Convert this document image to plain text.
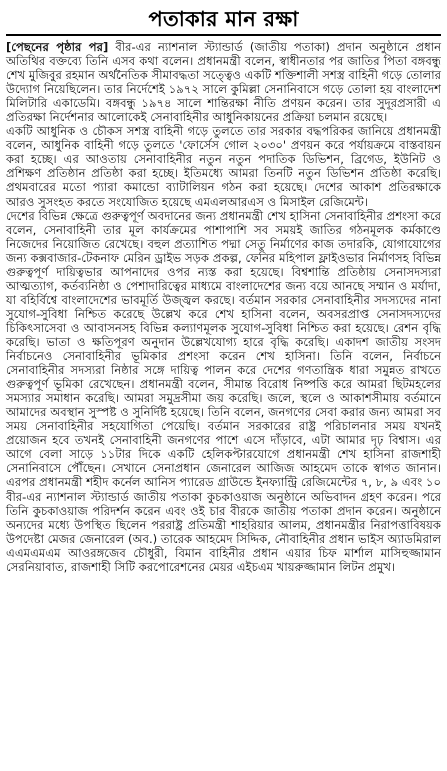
পতাকার মান রক্ষা

[পেছনের পৃষ্ঠার পর] বীর-এর ন্যাশনাল স্ট্যান্ডার্ড (জাতীয় পতাকা) প্রদান অনুষ্ঠানে প্রধান অতিথির বক্তব্যে তিনি এসব কথা বলেন। প্রধানমন্ত্রী বলেন, স্বাধীনতার পর জাতির পিতা বঙ্গবন্ধু শেখ মুজিবুর রহমান অর্থনৈতিক সীমাবদ্ধতা সত্ত্বেও একটি শক্তিশালী সশস্ত্র বাহিনী গড়ে তোলার উদ্যোগ নিয়েছিলেন। তার নির্দেশেই ১৯৭২ সালে কুমিল্লা সেনানিবাসে গড়ে তোলা হয় বাংলাদেশ মিলিটারি একাডেমি। বঙ্গবন্ধু ১৯৭৪ সালে শান্তিরক্ষা নীতি প্রণয়ন করেন। তার সুদূরপ্রসারী এ প্রতিরক্ষা নির্দেশনার আলোকেই সেনাবাহিনীর আধুনিকায়নের প্রক্রিয়া চলমান রয়েছে।

একটি আধুনিক ও চৌকস সশস্ত্র বাহিনী গড়ে তুলতে তার সরকার বদ্ধপরিকর জানিয়ে প্রধানমন্ত্রী বলেন, আধুনিক বাহিনী গড়ে তুলতে 'ফোর্সেস গোল ২০৩০' প্রণয়ন করে পর্যায়ক্রমে বাস্তবায়ন করা হচ্ছে। এর আওতায় সেনাবাহিনীর নতুন নতুন পদাতিক ডিভিশন, ব্রিগেড, ইউনিট ও প্রশিক্ষণ প্রতিষ্ঠান প্রতিষ্ঠা করা হচ্ছে। ইতিমধ্যে আমরা তিনটি নতুন ডিভিশন প্রতিষ্ঠা করেছি। প্রথমবারের মতো প্যারা কমান্ডো ব্যাটালিয়ন গঠন করা হয়েছে। দেশের আকাশ প্রতিরক্ষাকে আরও সুসংহত করতে সংযোজিত হয়েছে এমএলআরএস ও মিসাইল রেজিমেন্ট।

দেশের বিভিন্ন ক্ষেত্রে গুরুত্বপূর্ণ অবদানের জন্য প্রধানমন্ত্রী শেখ হাসিনা সেনাবাহিনীর প্রশংসা করে বলেন, সেনাবাহিনী তার মূল কার্যক্রমের পাশাপাশি সব সময়ই জাতির গঠনমূলক কর্মকাণ্ডে নিজেদের নিয়োজিত রেখেছে। বহুল প্রত্যাশিত পদ্মা সেতু নির্মাণের কাজ তদারকি, যোগাযোগের জন্য কক্সবাজার-টেকনাফ মেরিন ড্রাইভ সড়ক প্রকল্প, ফেনির মহিপাল ফ্লাইওভার নির্মাণসহ বিভিন্ন গুরুত্বপূর্ণ দায়িত্বভার আপনাদের ওপর ন্যস্ত করা হয়েছে। বিশ্বশান্তি প্রতিষ্ঠায় সেনাসদস্যরা আত্মত্যাগ, কর্তব্যনিষ্ঠা ও পেশাদারিত্বের মাধ্যমে বাংলাদেশের জন্য বয়ে আনছে সম্মান ও মর্যাদা, যা বহির্বিশ্বে বাংলাদেশের ভাবমূর্তি উজ্জ্বল করছে। বর্তমান সরকার সেনাবাহিনীর সদস্যদের নানা সুযোগ-সুবিধা নিশ্চিত করেছে উল্লেখ করে শেখ হাসিনা বলেন, অবসরপ্রাপ্ত সেনাসদস্যদের চিকিৎসাসেবা ও আবাসনসহ বিভিন্ন কল্যাণমূলক সুযোগ-সুবিধা নিশ্চিত করা হয়েছে। রেশন বৃদ্ধি করেছি। ভাতা ও ক্ষতিপূরণ অনুদান উল্লেখযোগ্য হারে বৃদ্ধি করেছি। একাদশ জাতীয় সংসদ নির্বাচনেও সেনাবাহিনীর ভূমিকার প্রশংসা করেন শেখ হাসিনা। তিনি বলেন, নির্বাচনে সেনাবাহিনীর সদস্যরা নিষ্ঠার সঙ্গে দায়িত্ব পালন করে দেশের গণতান্ত্রিক ধারা সমুন্নত রাখতে গুরুত্বপূর্ণ ভূমিকা রেখেছেন। প্রধানমন্ত্রী বলেন, সীমান্ত বিরোধ নিষ্পত্তি করে আমরা ছিটমহলের সমস্যার সমাধান করেছি। আমরা সমুদ্রসীমা জয় করেছি। জলে, স্থলে ও আকাশসীমায় বর্তমানে আমাদের অবস্থান সুস্পষ্ট ও সুনির্দিষ্ট হয়েছে। তিনি বলেন, জনগণের সেবা করার জন্য আমরা সব সময় সেনাবাহিনীর সহযোগিতা পেয়েছি। বর্তমান সরকারের রাষ্ট্র পরিচালনার সময় যখনই প্রয়োজন হবে তখনই সেনাবাহিনী জনগণের পাশে এসে দাঁড়াবে, এটা আমার দৃঢ় বিশ্বাস। এর আগে বেলা সাড়ে ১১টার দিকে একটি হেলিকপ্টারযোগে প্রধানমন্ত্রী শেখ হাসিনা রাজশাহী সেনানিবাসে পৌঁছেন। সেখানে সেনাপ্রধান জেনারেল আজিজ আহমেদ তাকে স্বাগত জানান। এরপর প্রধানমন্ত্রী শহীদ কর্নেল আনিস প্যারেড গ্রাউন্ডে ইনফ্যান্ট্রি রেজিমেন্টের ৭, ৮, ৯ এবং ১০ বীর-এর ন্যাশনাল স্ট্যান্ডার্ড জাতীয় পতাকা কুচকাওয়াজ অনুষ্ঠানে অভিবাদন গ্রহণ করেন। পরে তিনি কুচকাওয়াজ পরিদর্শন করেন এবং ওই চার বীরকে জাতীয় পতাকা প্রদান করেন। অনুষ্ঠানে অন্যদের মধ্যে উপস্থিত ছিলেন পররাষ্ট্র প্রতিমন্ত্রী শাহরিয়ার আলম, প্রধানমন্ত্রীর নিরাপত্তাবিষয়ক উপদেষ্টা মেজর জেনারেল (অব.) তারেক আহমেদ সিদ্দিক, নৌবাহিনীর প্রধান ভাইস অ্যাডমিরাল এএমএমএম আওরঙ্গজেব চৌধুরী, বিমান বাহিনীর প্রধান এয়ার চিফ মার্শাল মাসিহুজ্জামান সেরনিয়াবাত, রাজশাহী সিটি করপোরেশনের মেয়র এইচএম খায়রুজ্জামান লিটন প্রমুখ।
